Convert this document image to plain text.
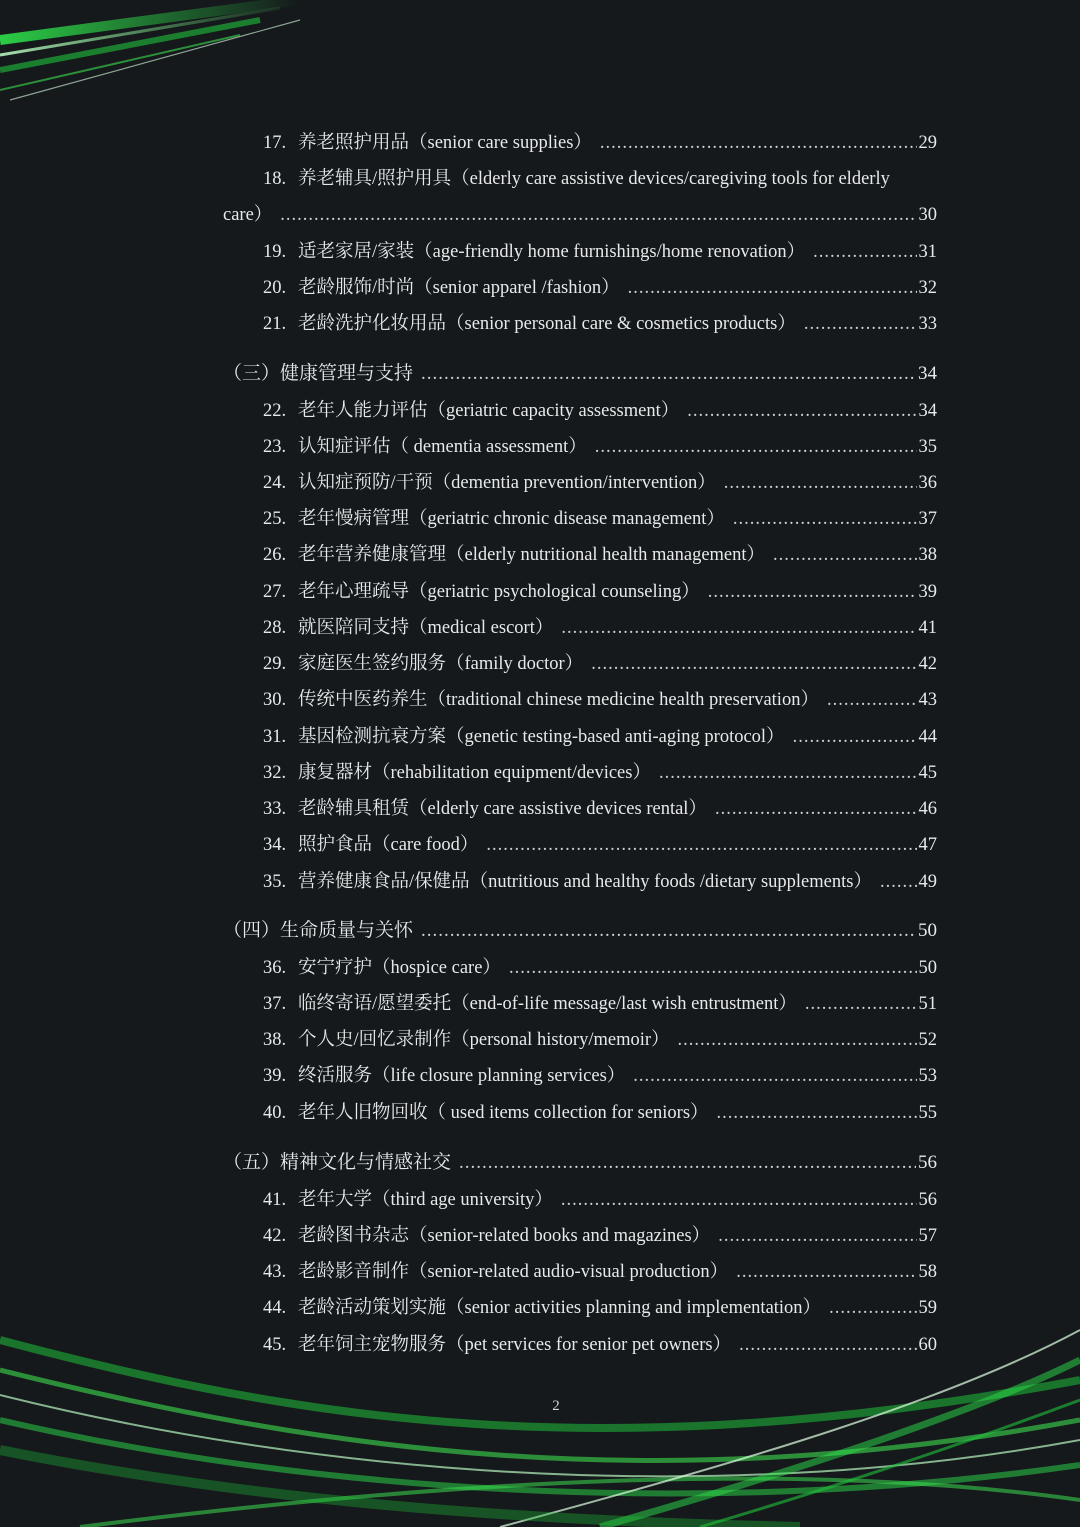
17. 养老照护用品（senior care supplies） .....	29
18. 养老辅具/照护用具（elderly care assistive devices/caregiving tools for elderly
care） .....	30
19. 适老家居/家装（age-friendly home furnishings/home renovation） .....	31
20. 老龄服饰/时尚（senior apparel /fashion） .....	32
21. 老龄洗护化妆用品（senior personal care & cosmetics products） .....	33
（三）健康管理与支持 .....	34
22. 老年人能力评估（geriatric capacity assessment） .....	34
23. 认知症评估（ dementia assessment） .....	35
24. 认知症预防/干预（dementia prevention/intervention） .....	36
25. 老年慢病管理（geriatric chronic disease management） .....	37
26. 老年营养健康管理（elderly nutritional health management） .....	38
27. 老年心理疏导（geriatric psychological counseling） .....	39
28. 就医陪同支持（medical escort） .....	41
29. 家庭医生签约服务（family doctor） .....	42
30. 传统中医药养生（traditional chinese medicine health preservation） .....	43
31. 基因检测抗衰方案（genetic testing-based anti-aging protocol） .....	44
32. 康复器材（rehabilitation equipment/devices） .....	45
33. 老龄辅具租赁（elderly care assistive devices rental） .....	46
34. 照护食品（care food） .....	47
35. 营养健康食品/保健品（nutritious and healthy foods /dietary supplements） .....	49
（四）生命质量与关怀 .....	50
36. 安宁疗护（hospice care） .....	50
37. 临终寄语/愿望委托（end-of-life message/last wish entrustment） .....	51
38. 个人史/回忆录制作（personal history/memoir） .....	52
39. 终活服务（life closure planning services） .....	53
40. 老年人旧物回收（ used items collection for seniors） .....	55
（五）精神文化与情感社交 .....	56
41. 老年大学（third age university） .....	56
42. 老龄图书杂志（senior-related books and magazines） .....	57
43. 老龄影音制作（senior-related audio-visual production） .....	58
44. 老龄活动策划实施（senior activities planning and implementation） .....	59
45. 老年饲主宠物服务（pet services for senior pet owners） .....	60
2
